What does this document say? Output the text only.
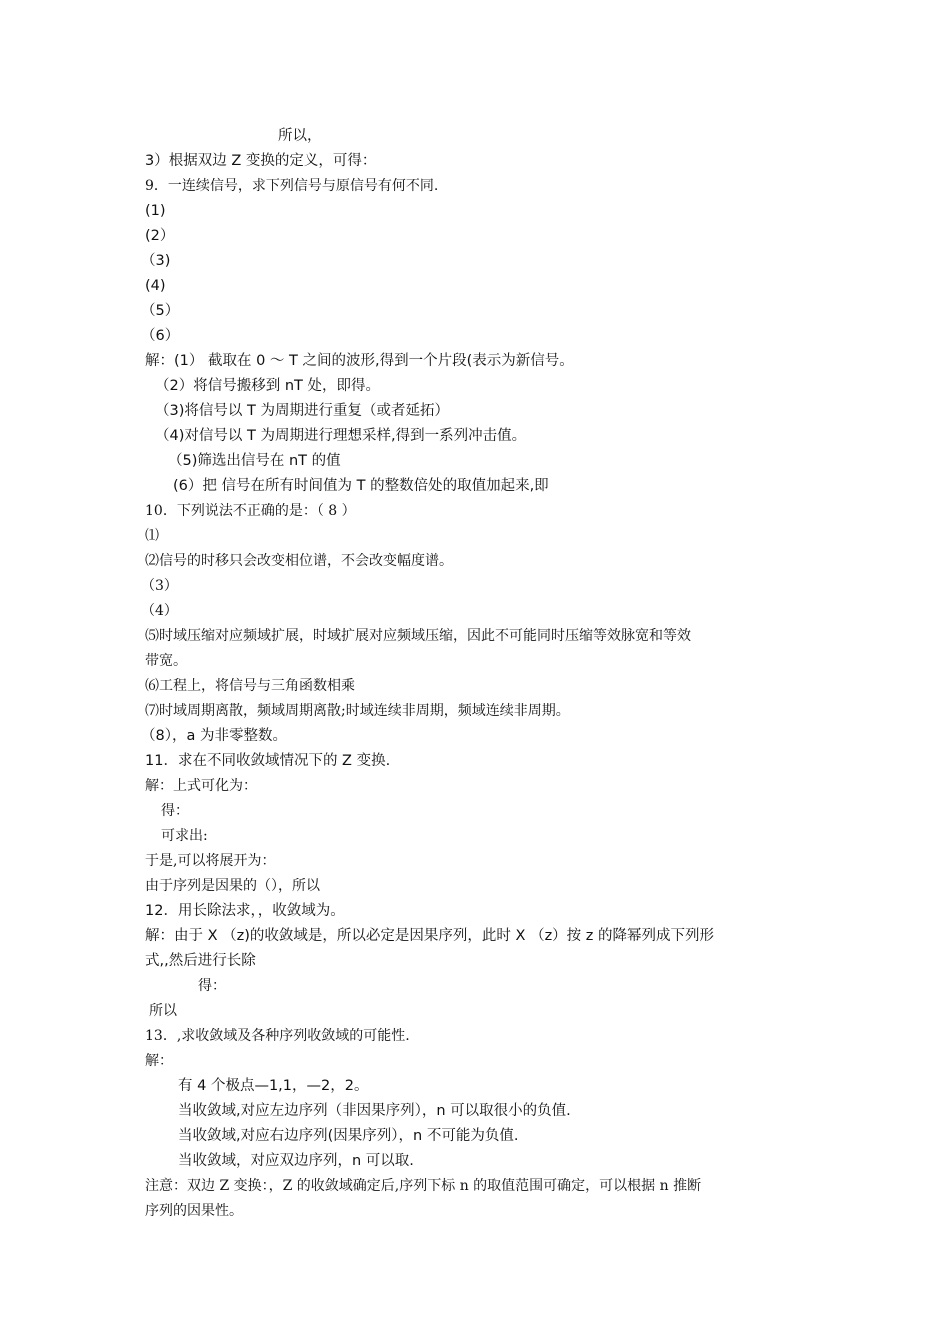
所以，
3）根据双边 Z 变换的定义，可得：
9．一连续信号，求下列信号与原信号有何不同.
(1)
(2）
（3)
(4)
（5）
（6）
解：(1） 截取在 0 ～ T 之间的波形,得到一个片段(表示为新信号。
（2）将信号搬移到 nT 处，即得。
（3)将信号以 T 为周期进行重复（或者延拓）
（4)对信号以 T 为周期进行理想采样,得到一系列冲击值。
（5)筛选出信号在 nT 的值
(6）把 信号在所有时间值为 T 的整数倍处的取值加起来,即
10．下列说法不正确的是：（ 8 ）
⑴
⑵信号的时移只会改变相位谱，不会改变幅度谱。
（3）
（4）
⑸时域压缩对应频域扩展，时域扩展对应频域压缩，因此不可能同时压缩等效脉宽和等效
带宽。
⑹工程上，将信号与三角函数相乘
⑺时域周期离散，频域周期离散;时域连续非周期，频域连续非周期。
（8），a 为非零整数。
11．求在不同收敛域情况下的 Z 变换.
解：上式可化为：
得：
可求出:
于是,可以将展开为：
由于序列是因果的（），所以
12．用长除法求，，收敛域为。
解：由于 X （z)的收敛域是，所以必定是因果序列，此时 X （z）按 z 的降幂列成下列形
式,,然后进行长除
得：
所以
13．,求收敛域及各种序列收敛域的可能性.
解：
有 4 个极点—1,1，—2，2。
当收敛域,对应左边序列（非因果序列），n 可以取很小的负值.
当收敛域,对应右边序列(因果序列），n 不可能为负值.
当收敛域，对应双边序列，n 可以取.
注意：双边 Z 变换：，Z 的收敛域确定后,序列下标 n 的取值范围可确定，可以根据 n 推断
序列的因果性。
